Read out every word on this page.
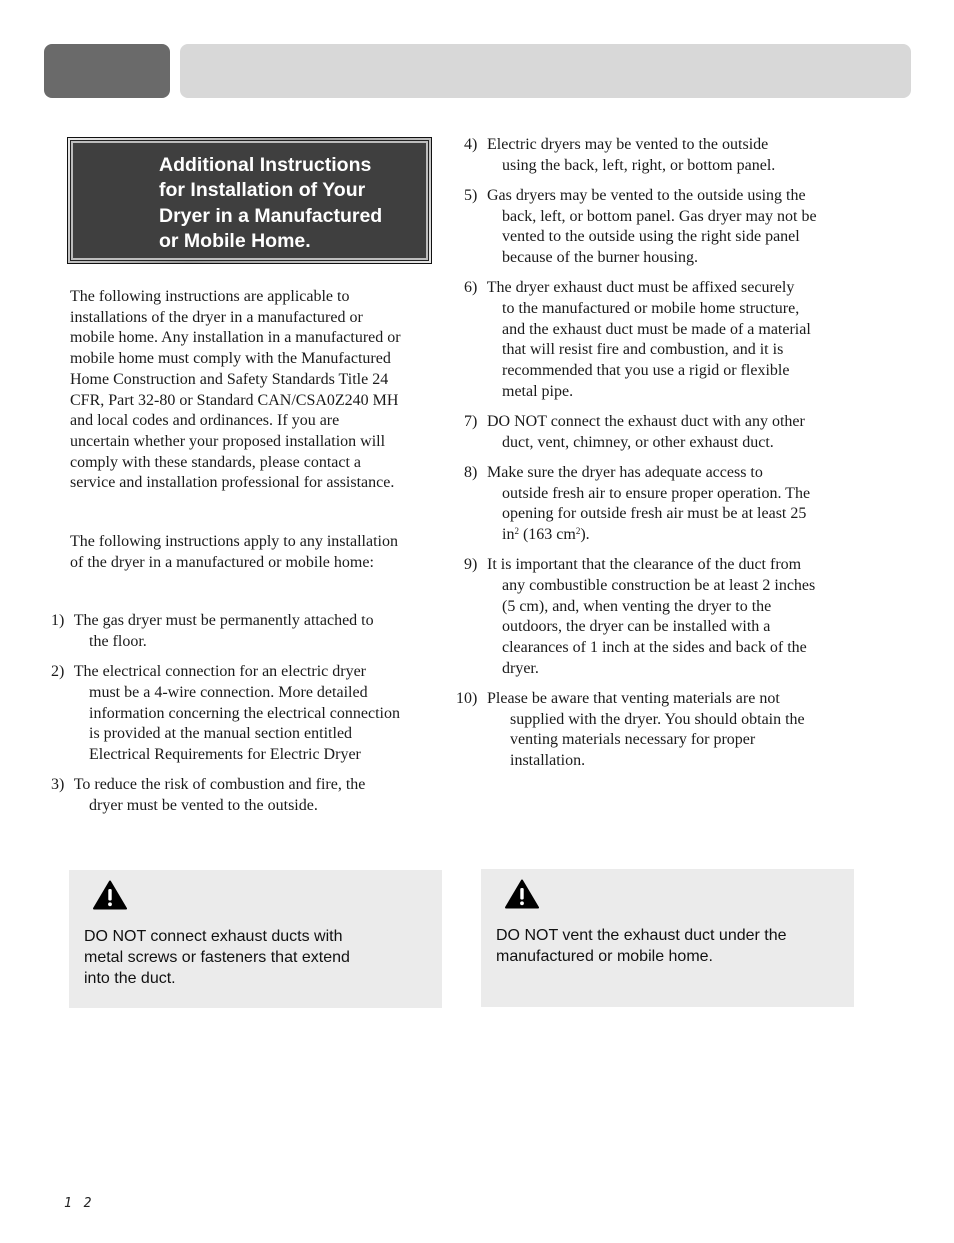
Additional Instructions
for Installation of Your
Dryer in a Manufactured
or Mobile Home.

The following instructions are applicable to
installations of the dryer in a manufactured or
mobile home. Any installation in a manufactured or
mobile home must comply with the Manufactured
Home Construction and Safety Standards Title 24
CFR, Part 32-80 or Standard CAN/CSA0Z240 MH
and local codes and ordinances. If you are
uncertain whether your proposed installation will
comply with these standards, please contact a
service and installation professional for assistance.

The following instructions apply to any installation
of the dryer in a manufactured or mobile home:

1) The gas dryer must be permanently attached to
the floor.
2) The electrical connection for an electric dryer
must be a 4-wire connection. More detailed
information concerning the electrical connection
is provided at the manual section entitled
Electrical Requirements for Electric Dryer
3) To reduce the risk of combustion and fire, the
dryer must be vented to the outside.
4) Electric dryers may be vented to the outside
using the back, left, right, or bottom panel.
5) Gas dryers may be vented to the outside using the
back, left, or bottom panel. Gas dryer may not be
vented to the outside using the right side panel
because of the burner housing.
6) The dryer exhaust duct must be affixed securely
to the manufactured or mobile home structure,
and the exhaust duct must be made of a material
that will resist fire and combustion, and it is
recommended that you use a rigid or flexible
metal pipe.
7) DO NOT connect the exhaust duct with any other
duct, vent, chimney, or other exhaust duct.
8) Make sure the dryer has adequate access to
outside fresh air to ensure proper operation. The
opening for outside fresh air must be at least 25
$in^2$ (163 $cm^2$).
9) It is important that the clearance of the duct from
any combustible construction be at least 2 inches
(5 cm), and, when venting the dryer to the
outdoors, the dryer can be installed with a
clearances of 1 inch at the sides and back of the
dryer.
10) Please be aware that venting materials are not
supplied with the dryer. You should obtain the
venting materials necessary for proper
installation.
DO NOT connect exhaust ducts with
metal screws or fasteners that extend
into the duct.
DO NOT vent the exhaust duct under the
manufactured or mobile home.
1 2
